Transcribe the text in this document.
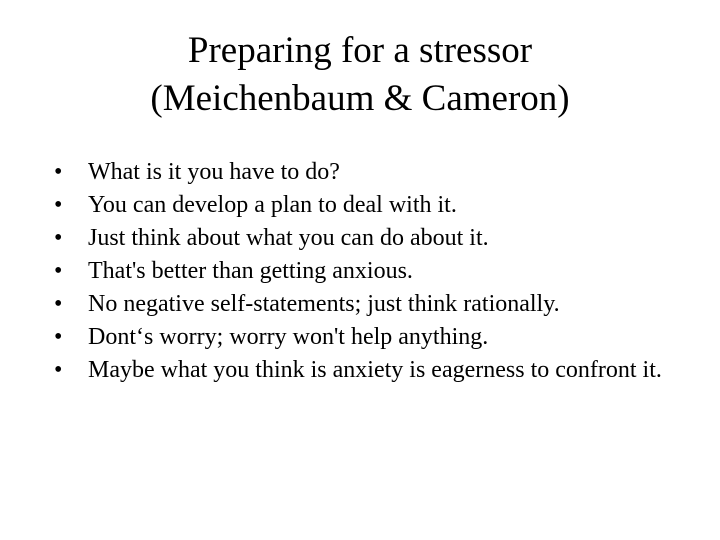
Preparing for a stressor
(Meichenbaum & Cameron)
• What is it you have to do?
• You can develop a plan to deal with it.
• Just think about what you can do about it.
• That's better than getting anxious.
• No negative self-statements; just think rationally.
• Dont‘s worry; worry won't help anything.
• Maybe what you think is anxiety is eagerness to confront it.
